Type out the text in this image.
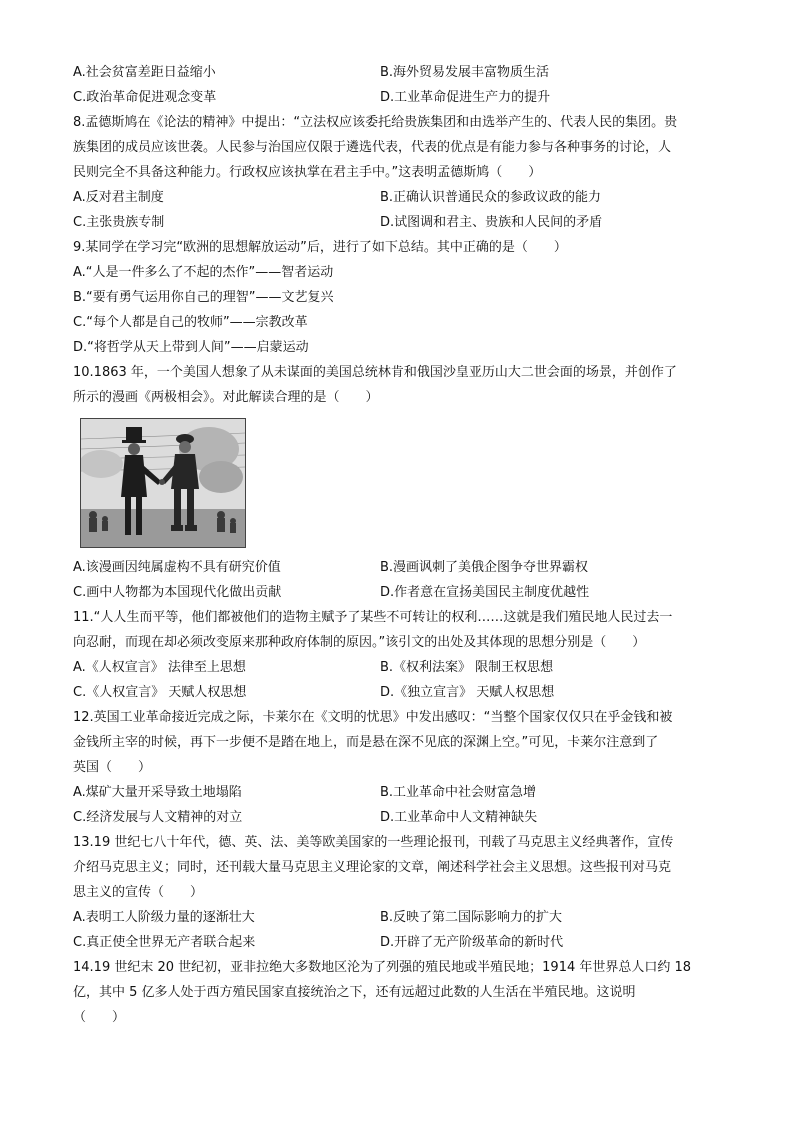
A.社会贫富差距日益缩小	B.海外贸易发展丰富物质生活
C.政治革命促进观念变革	D.工业革命促进生产力的提升
8.孟德斯鸠在《论法的精神》中提出：“立法权应该委托给贵族集团和由选举产生的、代表人民的集团。贵
族集团的成员应该世袭。人民参与治国应仅限于遴选代表，代表的优点是有能力参与各种事务的讨论，人
民则完全不具备这种能力。行政权应该执掌在君主手中。”这表明孟德斯鸠（　　）
A.反对君主制度	B.正确认识普通民众的参政议政的能力
C.主张贵族专制	D.试图调和君主、贵族和人民间的矛盾
9.某同学在学习完“欧洲的思想解放运动”后，进行了如下总结。其中正确的是（　　）
A.“人是一件多么了不起的杰作”——智者运动
B.“要有勇气运用你自己的理智”——文艺复兴
C.“每个人都是自己的牧师”——宗教改革
D.“将哲学从天上带到人间”——启蒙运动
10.1863 年，一个美国人想象了从未谋面的美国总统林肯和俄国沙皇亚历山大二世会面的场景，并创作了
所示的漫画《两极相会》。对此解读合理的是（　　）
A.该漫画因纯属虚构不具有研究价值	B.漫画讽刺了美俄企图争夺世界霸权
C.画中人物都为本国现代化做出贡献	D.作者意在宣扬美国民主制度优越性
11.“人人生而平等，他们都被他们的造物主赋予了某些不可转让的权利……这就是我们殖民地人民过去一
向忍耐，而现在却必须改变原来那种政府体制的原因。”该引文的出处及其体现的思想分别是（　　）
A.《人权宣言》 法律至上思想	B.《权利法案》 限制王权思想
C.《人权宣言》 天赋人权思想	D.《独立宣言》 天赋人权思想
12.英国工业革命接近完成之际，卡莱尔在《文明的忧思》中发出感叹：“当整个国家仅仅只在乎金钱和被
金钱所主宰的时候，再下一步便不是踏在地上，而是悬在深不见底的深渊上空。”可见，卡莱尔注意到了
英国（　　）
A.煤矿大量开采导致土地塌陷	B.工业革命中社会财富急增
C.经济发展与人文精神的对立	D.工业革命中人文精神缺失
13.19 世纪七八十年代，德、英、法、美等欧美国家的一些理论报刊，刊载了马克思主义经典著作，宣传
介绍马克思主义；同时，还刊载大量马克思主义理论家的文章，阐述科学社会主义思想。这些报刊对马克
思主义的宣传（　　）
A.表明工人阶级力量的逐渐壮大	B.反映了第二国际影响力的扩大
C.真正使全世界无产者联合起来	D.开辟了无产阶级革命的新时代
14.19 世纪末 20 世纪初，亚非拉绝大多数地区沦为了列强的殖民地或半殖民地；1914 年世界总人口约 18
亿，其中 5 亿多人处于西方殖民国家直接统治之下，还有远超过此数的人生活在半殖民地。这说明
（　　）
